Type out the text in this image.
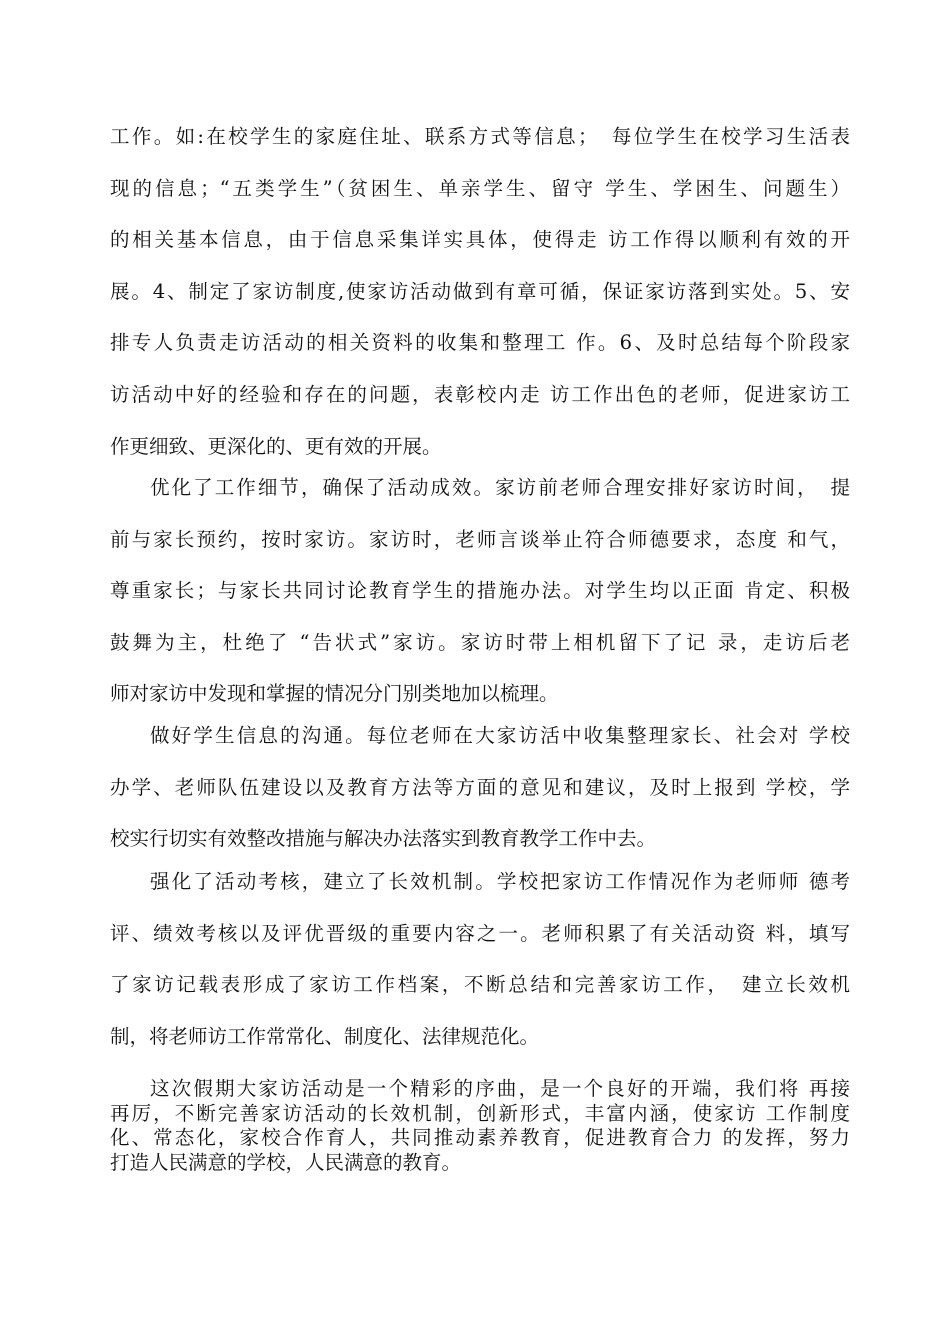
工作。如:在校学生的家庭住址、联系方式等信息；　每位学生在校学习生活表
现的信息；“五类学生”（贫困生、单亲学生、留守 学生、学困生、问题生）
的相关基本信息，由于信息采集详实具体，使得走 访工作得以顺利有效的开
展。4、制定了家访制度,使家访活动做到有章可循，保证家访落到实处。5、安
排专人负责走访活动的相关资料的收集和整理工 作。6、及时总结每个阶段家
访活动中好的经验和存在的问题，表彰校内走 访工作出色的老师，促进家访工
作更细致、更深化的、更有效的开展。
优化了工作细节，确保了活动成效。家访前老师合理安排好家访时间，　提
前与家长预约，按时家访。家访时，老师言谈举止符合师德要求，态度 和气，
尊重家长；与家长共同讨论教育学生的措施办法。对学生均以正面 肯定、积极
鼓舞为主，杜绝了 “告状式”家访。家访时带上相机留下了记 录，走访后老
师对家访中发现和掌握的情况分门别类地加以梳理。
做好学生信息的沟通。每位老师在大家访活中收集整理家长、社会对 学校
办学、老师队伍建设以及教育方法等方面的意见和建议，及时上报到 学校，学
校实行切实有效整改措施与解决办法落实到教育教学工作中去。
强化了活动考核，建立了长效机制。学校把家访工作情况作为老师师 德考
评、绩效考核以及评优晋级的重要内容之一。老师积累了有关活动资 料，填写
了家访记载表形成了家访工作档案，不断总结和完善家访工作，　建立长效机
制，将老师访工作常常化、制度化、法律规范化。
这次假期大家访活动是一个精彩的序曲，是一个良好的开端，我们将 再接
再厉，不断完善家访活动的长效机制，创新形式，丰富内涵，使家访 工作制度
化、常态化，家校合作育人，共同推动素养教育，促进教育合力 的发挥，努力
打造人民满意的学校，人民满意的教育。
